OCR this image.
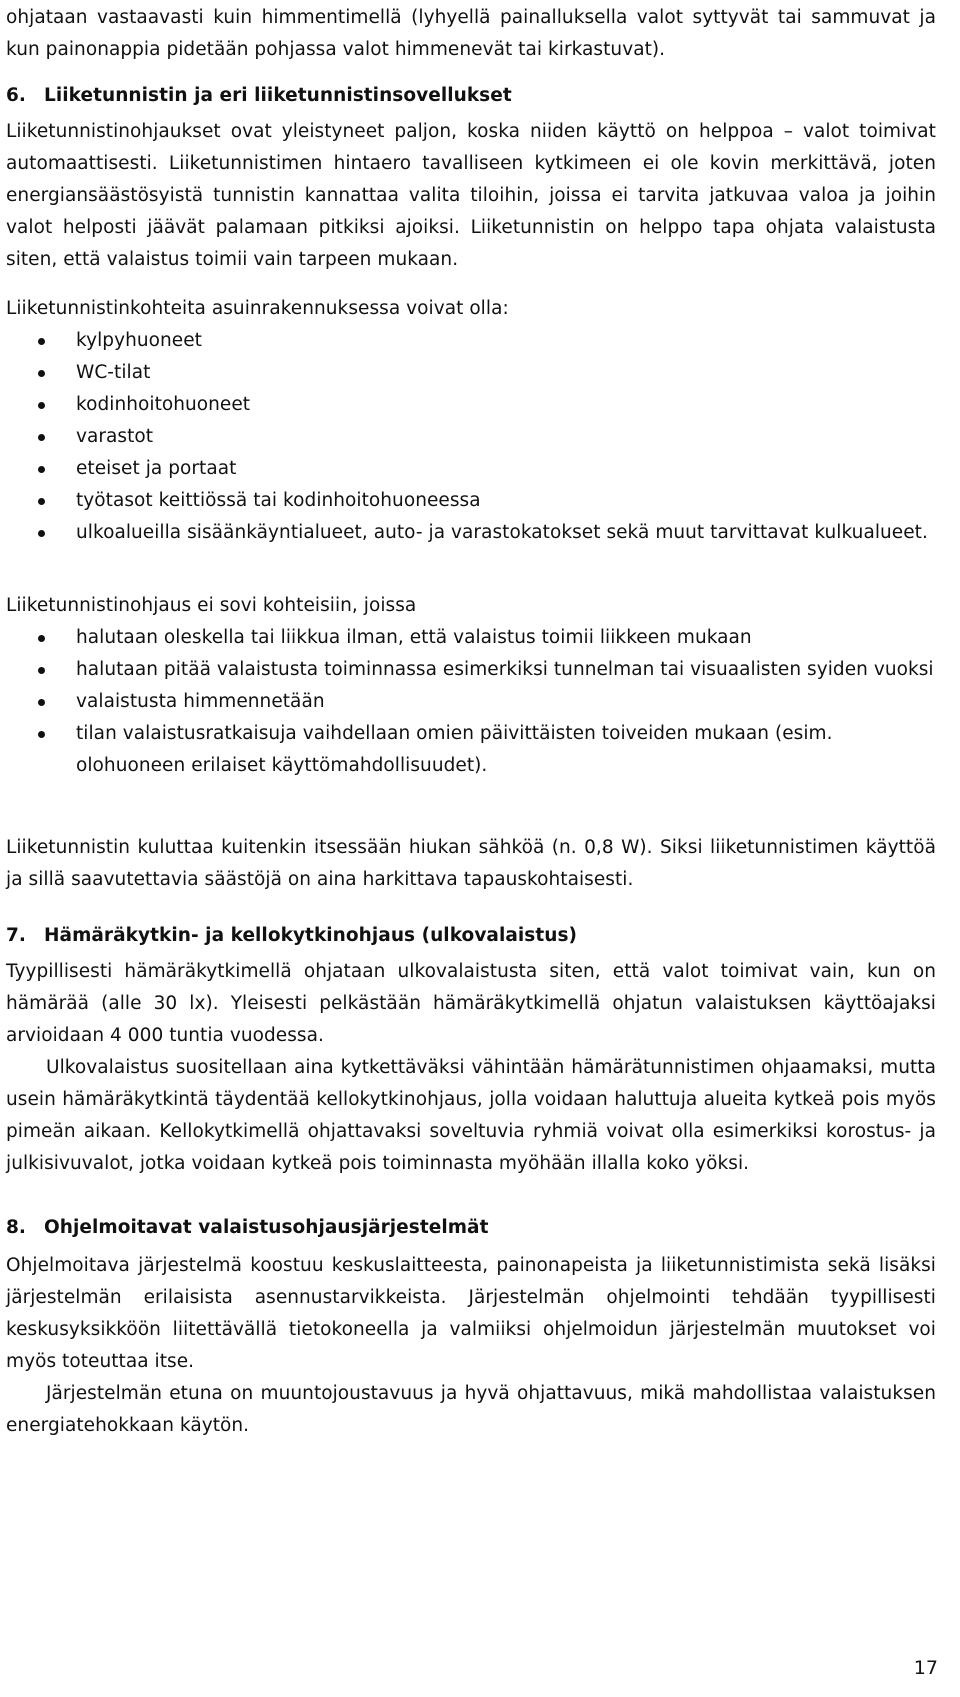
ohjataan vastaavasti kuin himmentimellä (lyhyellä painalluksella valot syttyvät tai sammuvat ja kun painonappia pidetään pohjassa valot himmenevät tai kirkastuvat).

6. Liiketunnistin ja eri liiketunnistinsovellukset

Liiketunnistinohjaukset ovat yleistyneet paljon, koska niiden käyttö on helppoa – valot toimivat automaattisesti. Liiketunnistimen hintaero tavalliseen kytkimeen ei ole kovin merkittävä, joten energiansäästösyistä tunnistin kannattaa valita tiloihin, joissa ei tarvita jatkuvaa valoa ja joihin valot helposti jäävät palamaan pitkiksi ajoiksi. Liiketunnistin on helppo tapa ohjata valaistusta siten, että valaistus toimii vain tarpeen mukaan.

Liiketunnistinkohteita asuinrakennuksessa voivat olla:

kylpyhuoneet
WC-tilat
kodinhoitohuoneet
varastot
eteiset ja portaat
työtasot keittiössä tai kodinhoitohuoneessa
ulkoalueilla sisäänkäyntialueet, auto- ja varastokatokset sekä muut tarvittavat kulkualueet.

Liiketunnistinohjaus ei sovi kohteisiin, joissa

halutaan oleskella tai liikkua ilman, että valaistus toimii liikkeen mukaan
halutaan pitää valaistusta toiminnassa esimerkiksi tunnelman tai visuaalisten syiden vuoksi
valaistusta himmennetään
tilan valaistusratkaisuja vaihdellaan omien päivittäisten toiveiden mukaan (esim. olohuoneen erilaiset käyttömahdollisuudet).

Liiketunnistin kuluttaa kuitenkin itsessään hiukan sähköä (n. 0,8 W). Siksi liiketunnistimen käyttöä ja sillä saavutettavia säästöjä on aina harkittava tapauskohtaisesti.

7. Hämäräkytkin- ja kellokytkinohjaus (ulkovalaistus)

Tyypillisesti hämäräkytkimellä ohjataan ulkovalaistusta siten, että valot toimivat vain, kun on hämärää (alle 30 lx). Yleisesti pelkästään hämäräkytkimellä ohjatun valaistuksen käyttöajaksi arvioidaan 4 000 tuntia vuodessa.

Ulkovalaistus suositellaan aina kytkettäväksi vähintään hämärätunnistimen ohjaamaksi, mutta usein hämäräkytkintä täydentää kellokytkinohjaus, jolla voidaan haluttuja alueita kytkeä pois myös pimeän aikaan. Kellokytkimellä ohjattavaksi soveltuvia ryhmiä voivat olla esimerkiksi korostus- ja julkisivuvalot, jotka voidaan kytkeä pois toiminnasta myöhään illalla koko yöksi.

8. Ohjelmoitavat valaistusohjausjärjestelmät

Ohjelmoitava järjestelmä koostuu keskuslaitteesta, painonapeista ja liiketunnistimista sekä lisäksi järjestelmän erilaisista asennustarvikkeista. Järjestelmän ohjelmointi tehdään tyypillisesti keskusyksikköön liitettävällä tietokoneella ja valmiiksi ohjelmoidun järjestelmän muutokset voi myös toteuttaa itse.

Järjestelmän etuna on muuntojoustavuus ja hyvä ohjattavuus, mikä mahdollistaa valaistuksen energiatehokkaan käytön.

17
